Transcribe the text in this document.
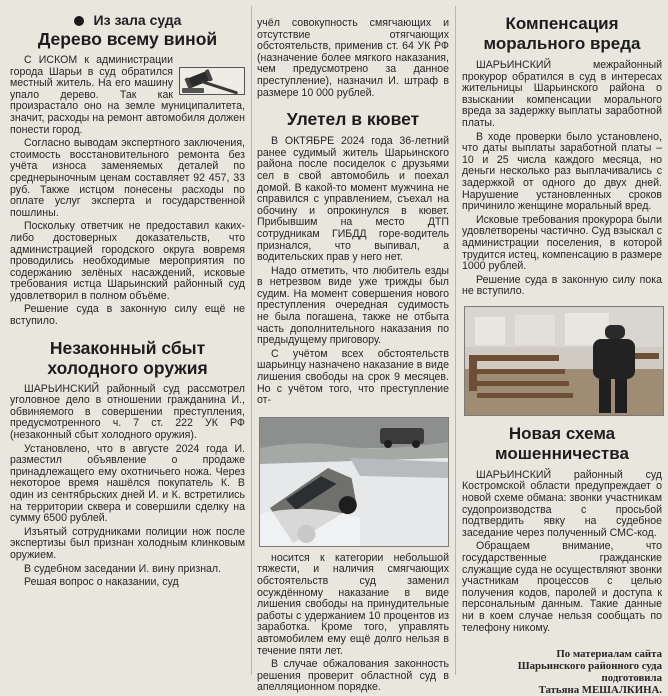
Из зала суда
Дерево всему виной

С ИСКОМ к администрации города Шарьи в суд обратился местный житель. На его машину упало дерево. Так как произрастало оно на земле муниципалитета, значит, расходы на ремонт автомобиля должен понести город.

Согласно выводам экспертного заключения, стоимость восстановительного ремонта без учёта износа заменяемых деталей по среднерыночным ценам составляет 92 457, 33 руб. Также истцом понесены расходы по оплате услуг эксперта и государственной пошлины.

Поскольку ответчик не предоставил каких-либо достоверных доказательств, что администрацией городского округа вовремя проводились необходимые мероприятия по содержанию зелёных насаждений, исковые требования истца Шарьинский районный суд удовлетворил в полном объёме.

Решение суда в законную силу ещё не вступило.

Незаконный сбыт холодного оружия

ШАРЬИНСКИЙ районный суд рассмотрел уголовное дело в отношении гражданина И., обвиняемого в совершении преступления, предусмотренного ч. 7 ст. 222 УК РФ (незаконный сбыт холодного оружия).

Установлено, что в августе 2024 года И. разместил объявление о продаже принадлежащего ему охотничьего ножа. Через некоторое время нашёлся покупатель К. В один из сентябрьских дней И. и К. встретились на территории сквера и совершили сделку на сумму 6500 рублей.

Изъятый сотрудниками полиции нож после экспертизы был признан холодным клинковым оружием.

В судебном заседании И. вину признал.

Решая вопрос о наказании, суд

учёл совокупность смягчающих и отсутствие отягчающих обстоятельств, применив ст. 64 УК РФ (назначение более мягкого наказания, чем предусмотрено за данное преступление), назначил И. штраф в размере 10 000 рублей.

Улетел в кювет

В ОКТЯБРЕ 2024 года 36-летний ранее судимый житель Шарьинского района после посиделок с друзьями сел в свой автомобиль и поехал домой. В какой-то момент мужчина не справился с управлением, съехал на обочину и опрокинулся в кювет. Прибывшим на место ДТП сотрудникам ГИБДД горе-водитель признался, что выпивал, а водительских прав у него нет.

Надо отметить, что любитель езды в нетрезвом виде уже трижды был судим. На момент совершения нового преступления очередная судимость не была погашена, также не отбыта часть дополнительного наказания по предыдущему приговору.

С учётом всех обстоятельств шарьинцу назначено наказание в виде лишения свободы на срок 9 месяцев. Но с учётом того, что преступление от-

носится к категории небольшой тяжести, и наличия смягчающих обстоятельств суд заменил осуждённому наказание в виде лишения свободы на принудительные работы с удержанием 10 процентов из заработка. Кроме того, управлять автомобилем ему ещё долго нельзя в течение пяти лет.

В случае обжалования законность решения проверит областной суд в апелляционном порядке.

Компенсация морального вреда

ШАРЬИНСКИЙ межрайонный прокурор обратился в суд в интересах жительницы Шарьинского района о взыскании компенсации морального вреда за задержку выплаты заработной платы.

В ходе проверки было установлено, что даты выплаты заработной платы – 10 и 25 числа каждого месяца, но деньги несколько раз выплачивались с задержкой от одного до двух дней. Нарушение установленных сроков причинило женщине моральный вред.

Исковые требования прокурора были удовлетворены частично. Суд взыскал с администрации поселения, в которой трудится истец, компенсацию в размере 1000 рублей.

Решение суда в законную силу пока не вступило.

Новая схема мошенничества

ШАРЬИНСКИЙ районный суд Костромской области предупреждает о новой схеме обмана: звонки участникам судопроизводства с просьбой подтвердить явку на судебное заседание через полученный СМС-код.

Обращаем внимание, что государственные гражданские служащие суда не осуществляют звонки участникам процессов с целью получения кодов, паролей и доступа к персональным данным. Такие данные ни в коем случае нельзя сообщать по телефону никому.

По материалам сайта
Шарьинского районного суда
подготовила
Татьяна МЕШАЛКИНА.
